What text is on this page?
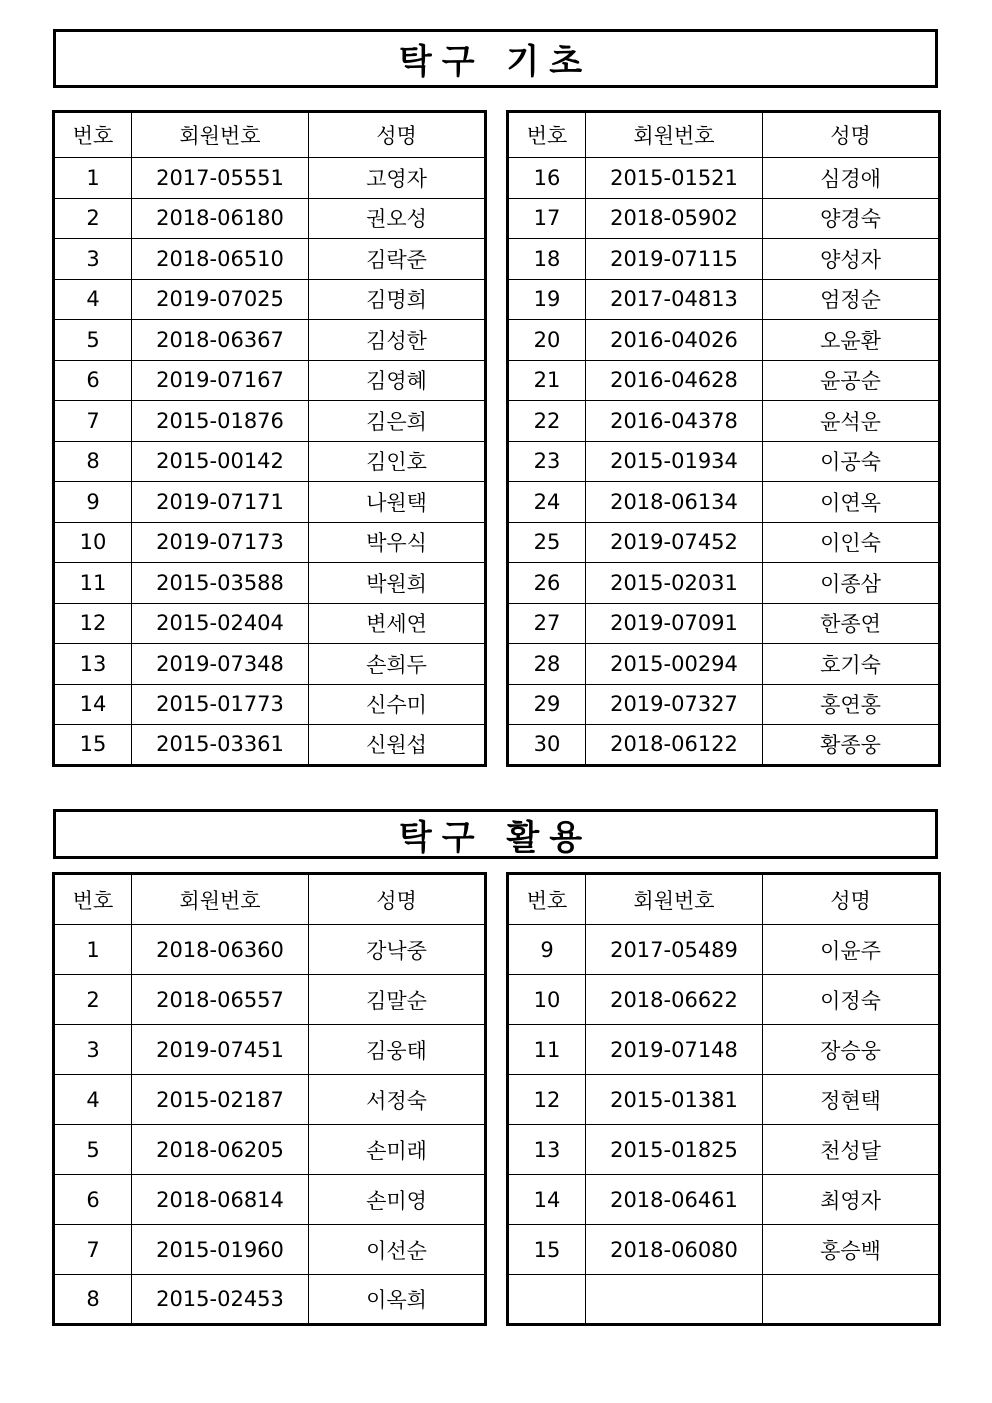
탁구 기초
번호	회원번호	성명
1	2017-05551	고영자
2	2018-06180	권오성
3	2018-06510	김락준
4	2019-07025	김명희
5	2018-06367	김성한
6	2019-07167	김영혜
7	2015-01876	김은희
8	2015-00142	김인호
9	2019-07171	나원택
10	2019-07173	박우식
11	2015-03588	박원희
12	2015-02404	변세연
13	2019-07348	손희두
14	2015-01773	신수미
15	2015-03361	신원섭
번호	회원번호	성명
16	2015-01521	심경애
17	2018-05902	양경숙
18	2019-07115	양성자
19	2017-04813	엄정순
20	2016-04026	오윤환
21	2016-04628	윤공순
22	2016-04378	윤석운
23	2015-01934	이공숙
24	2018-06134	이연옥
25	2019-07452	이인숙
26	2015-02031	이종삼
27	2019-07091	한종연
28	2015-00294	호기숙
29	2019-07327	홍연홍
30	2018-06122	황종웅
탁구 활용
번호	회원번호	성명
1	2018-06360	강낙중
2	2018-06557	김말순
3	2019-07451	김웅태
4	2015-02187	서정숙
5	2018-06205	손미래
6	2018-06814	손미영
7	2015-01960	이선순
8	2015-02453	이옥희
번호	회원번호	성명
9	2017-05489	이윤주
10	2018-06622	이정숙
11	2019-07148	장승웅
12	2015-01381	정현택
13	2015-01825	천성달
14	2018-06461	최영자
15	2018-06080	홍승백
